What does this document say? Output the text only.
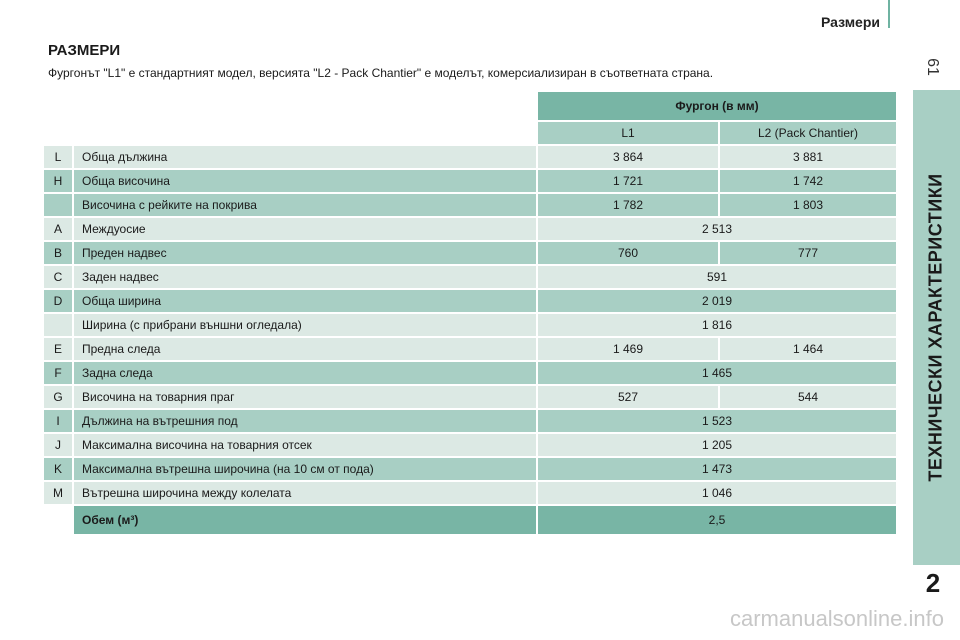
Размери
61
ТЕХНИЧЕСКИ ХАРАКТЕРИСТИКИ
2
РАЗМЕРИ
Фургонът "L1" е стандартният модел, версията "L2 - Pack Chantier" е моделът, комерсиализиран в съответната страна.
		Фургон (в мм)	
		L1	L2 (Pack Chantier)
L	Обща дължина	3 864	3 881
H	Обща височина	1 721	1 742
	Височина с рейките на покрива	1 782	1 803
A	Междуосие	2 513	
B	Преден надвес	760	777
C	Заден надвес	591	
D	Обща ширина	2 019	
	Ширина (с прибрани външни огледала)	1 816	
E	Предна следа	1 469	1 464
F	Задна следа	1 465	
G	Височина на товарния праг	527	544
I	Дължина на вътрешния под	1 523	
J	Максимална височина на товарния отсек	1 205	
K	Максимална вътрешна широчина (на 10 см от пода)	1 473	
M	Вътрешна широчина между колелата	1 046	
	Обем (м³)	2,5	
carmanualsonline.info
